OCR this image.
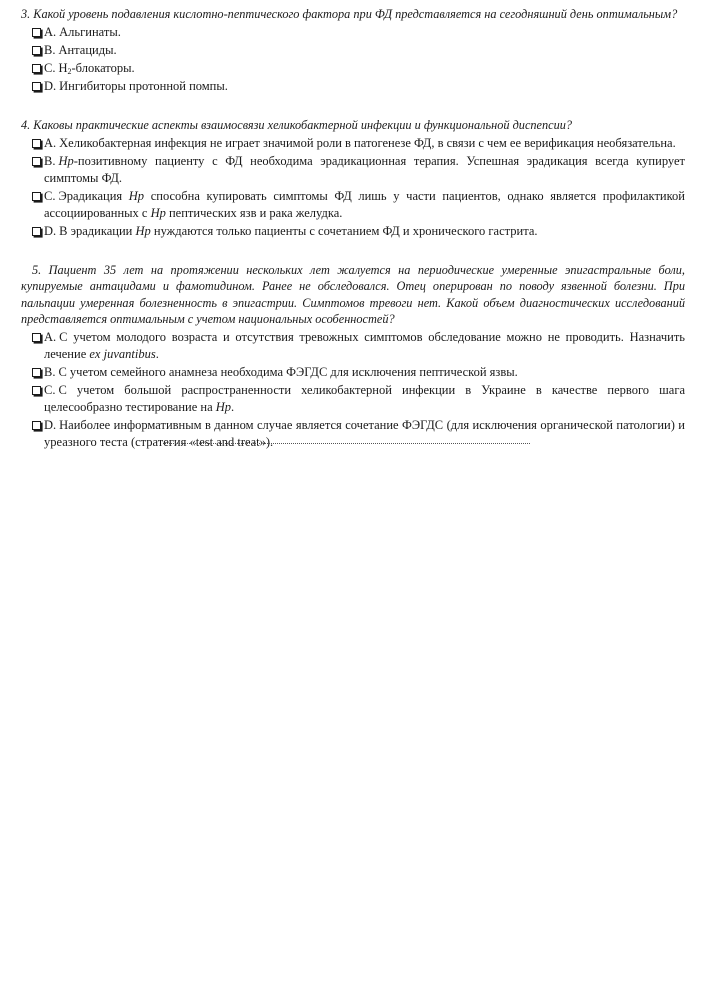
3. Какой уровень подавления кислотно-пептического фактора при ФД представляется на сегодняшний день оптимальным?

A. Альгинаты.
B. Антациды.
C. $H_2$-блокаторы.
D. Ингибиторы протонной помпы.

4. Каковы практические аспекты взаимосвязи хеликобактерной инфекции и функциональной диспепсии?

A. Хеликобактерная инфекция не играет значимой роли в патогенезе ФД, в связи с чем ее верификация необязательна.
B. Hp-позитивному пациенту с ФД необходима эрадикационная терапия. Успешная эрадикация всегда купирует симптомы ФД.
C. Эрадикация Hp способна купировать симптомы ФД лишь у части пациентов, однако является профилактикой ассоциированных с Hp пептических язв и рака желудка.
D. В эрадикации Hp нуждаются только пациенты с сочетанием ФД и хронического гастрита.

5. Пациент 35 лет на протяжении нескольких лет жалуется на периодические умеренные эпигастральные боли, купируемые антацидами и фамотидином. Ранее не обследовался. Отец оперирован по поводу язвенной болезни. При пальпации умеренная болезненность в эпигастрии. Симптомов тревоги нет. Какой объем диагностических исследований представляется оптимальным с учетом национальных особенностей?

A. С учетом молодого возраста и отсутствия тревожных симптомов обследование можно не проводить. Назначить лечение ex juvantibus.
B. С учетом семейного анамнеза необходима ФЭГДС для исключения пептической язвы.
C. С учетом большой распространенности хеликобактерной инфекции в Украине в качестве первого шага целесообразно тестирование на Hp.
D. Наиболее информативным в данном случае является сочетание ФЭГДС (для исключения органической патологии) и уреазного теста (стратегия «test and treat»).
